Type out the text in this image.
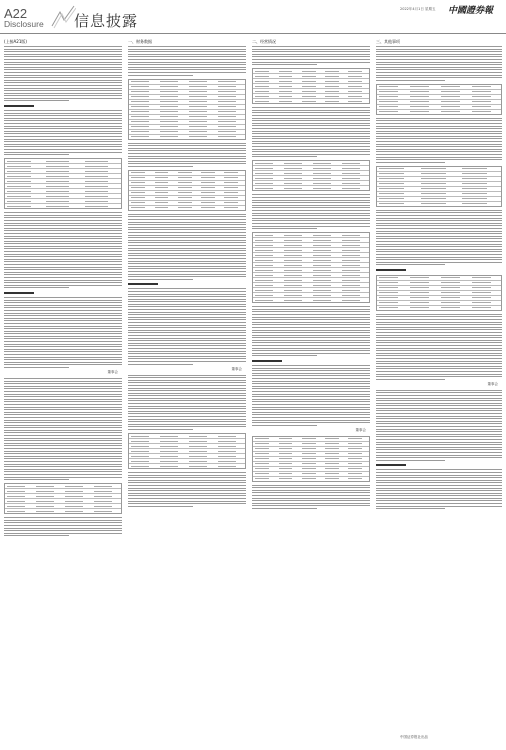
A22
Disclosure 信息披露
2022年4月1日 星期五 中國證券報
(上接A21版)
董事会
一、财务数据
董事会
二、经营情况
董事会
三、其他事项
董事会
中国证券报社出品
